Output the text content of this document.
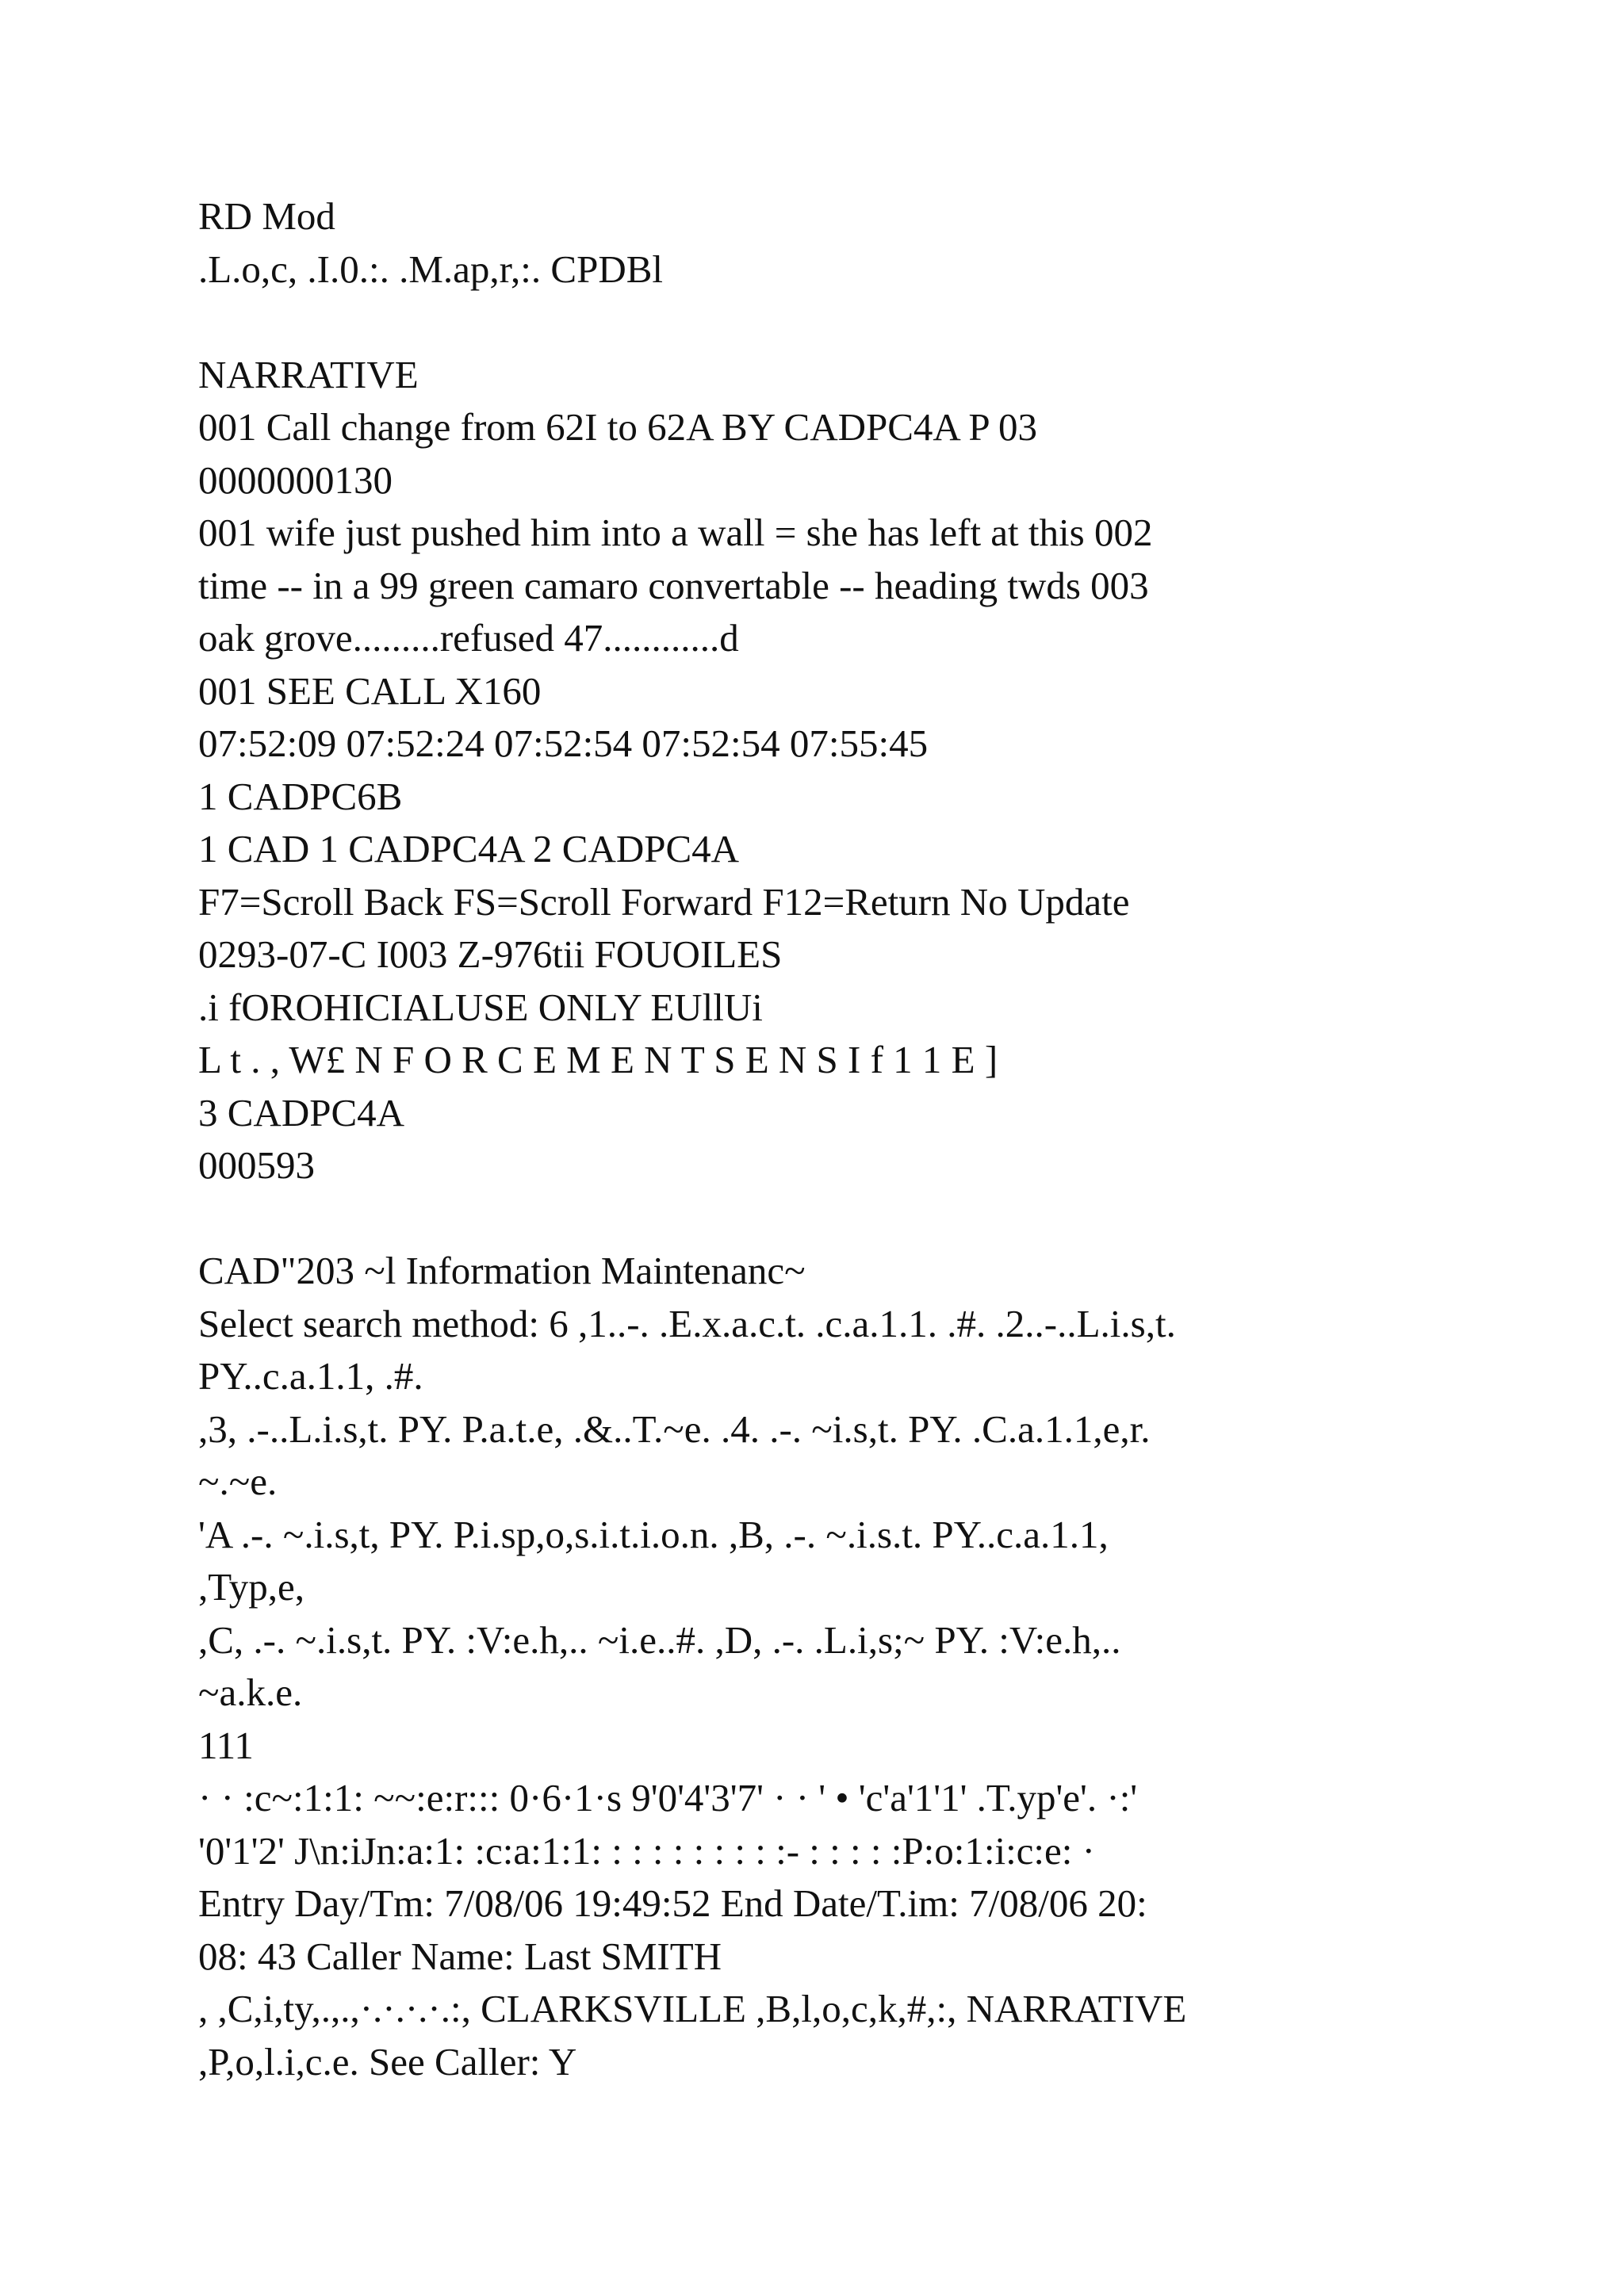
RD Mod
.L.o,c, .I.0.:. .M.ap,r,:. CPDBl
NARRATIVE
001 Call change from 62I to 62A BY CADPC4A P 03
0000000130
001 wife just pushed him into a wall = she has left at this 002
time -- in a 99 green camaro convertable -- heading twds 003
oak grove.........refused 47............d
001 SEE CALL X160
07:52:09 07:52:24 07:52:54 07:52:54 07:55:45
1 CADPC6B
1 CAD 1 CADPC4A 2 CADPC4A
F7=Scroll Back FS=Scroll Forward F12=Return No Update
0293-07-C I003 Z-976tii FOUOILES
.i fOROHICIALUSE ONLY EUllUi
L t . , W£ N F O R C E M E N T S E N S I f 1 1 E ]
3 CADPC4A
000593
CAD"203 ~l Information Maintenanc~
Select search method: 6 ,1..-. .E.x.a.c.t. .c.a.1.1. .#. .2..-..L.i.s,t.
PY..c.a.1.1, .#.
,3, .-..L.i.s,t. PY. P.a.t.e, .&..T.~e. .4. .-. ~i.s,t. PY. .C.a.1.1,e,r.
~.~e.
'A .-. ~.i.s,t, PY. P.i.sp,o,s.i.t.i.o.n. ,B, .-. ~.i.s.t. PY..c.a.1.1,
,Typ,e,
,C, .-. ~.i.s,t. PY. :V:e.h,.. ~i.e..#. ,D, .-. .L.i,s;~ PY. :V:e.h,..
~a.k.e.
111
· · :c~:1:1: ~~:e:r::: 0·6·1·s 9'0'4'3'7' · · ' • 'c'a'1'1' .T.yp'e'. ·:'
'0'1'2' J\n:iJn:a:1: :c:a:1:1: : : : : : : : : :- : : : : :P:o:1:i:c:e: ·
Entry Day/Tm: 7/08/06 19:49:52 End Date/T.im: 7/08/06 20:
08: 43 Caller Name: Last SMITH
, ,C,i,ty,.,.,·.·.·.·.:, CLARKSVILLE ,B,l,o,c,k,#,:, NARRATIVE
,P,o,l.i,c.e. See Caller: Y
